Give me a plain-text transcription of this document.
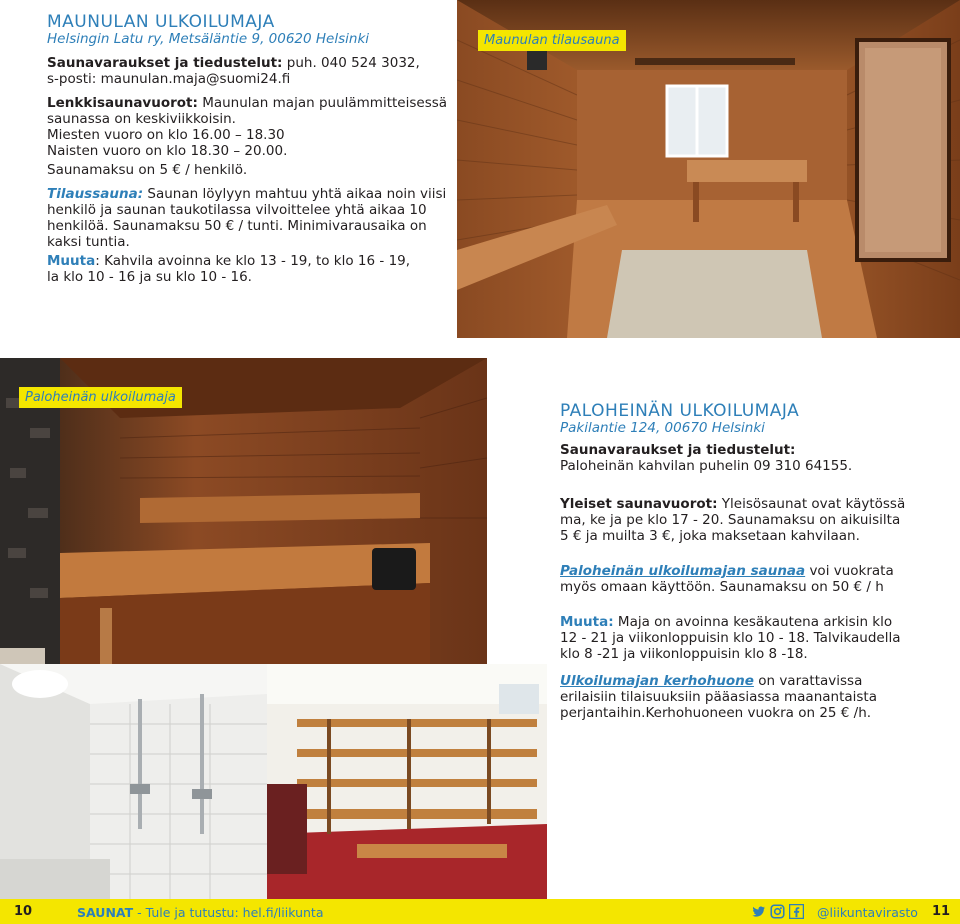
MAUNULAN ULKOILUMAJA
Helsingin Latu ry, Metsäläntie 9, 00620 Helsinki
Saunavaraukset ja tiedustelut: puh. 040 524 3032,
s-posti: maunulan.maja@suomi24.fi
Lenkkisaunavuorot: Maunulan majan puulämmitteisessä
saunassa on keskiviikkoisin.
Miesten vuoro on klo 16.00 – 18.30
Naisten vuoro on klo 18.30 – 20.00.
Saunamaksu on 5 € / henkilö.
Tilaussauna: Saunan löylyyn mahtuu yhtä aikaa noin viisi
henkilö ja saunan taukotilassa vilvoittelee yhtä aikaa 10
henkilöä. Saunamaksu 50 € / tunti. Minimivarausaika on
kaksi tuntia.
Muuta: Kahvila avoinna ke klo 13 - 19, to klo 16 - 19,
la klo 10 - 16 ja su klo 10 - 16.
Maunulan tilausauna
Paloheinän ulkoilumaja
PALOHEINÄN ULKOILUMAJA
Pakilantie 124, 00670 Helsinki
Saunavaraukset ja tiedustelut:
Paloheinän kahvilan puhelin 09 310 64155.
Yleiset saunavuorot: Yleisösaunat ovat käytössä
ma, ke ja pe klo 17 - 20. Saunamaksu on aikuisilta
5 € ja muilta 3 €, joka maksetaan kahvilaan.
Paloheinän ulkoilumajan saunaa voi vuokrata
myös omaan käyttöön. Saunamaksu on 50 € / h
Muuta: Maja on avoinna kesäkautena arkisin klo
12 - 21 ja viikonloppuisin klo 10 - 18. Talvikaudella
klo 8 -21 ja viikonloppuisin klo 8 -18.
Ulkoilumajan kerhohuone on varattavissa
erilaisiin tilaisuuksiin pääasiassa maanantaista
perjantaihin.Kerhohuoneen vuokra on 25 € /h.
10	SAUNAT - Tule ja tutustu: hel.fi/liikunta	@liikuntavirasto 11
